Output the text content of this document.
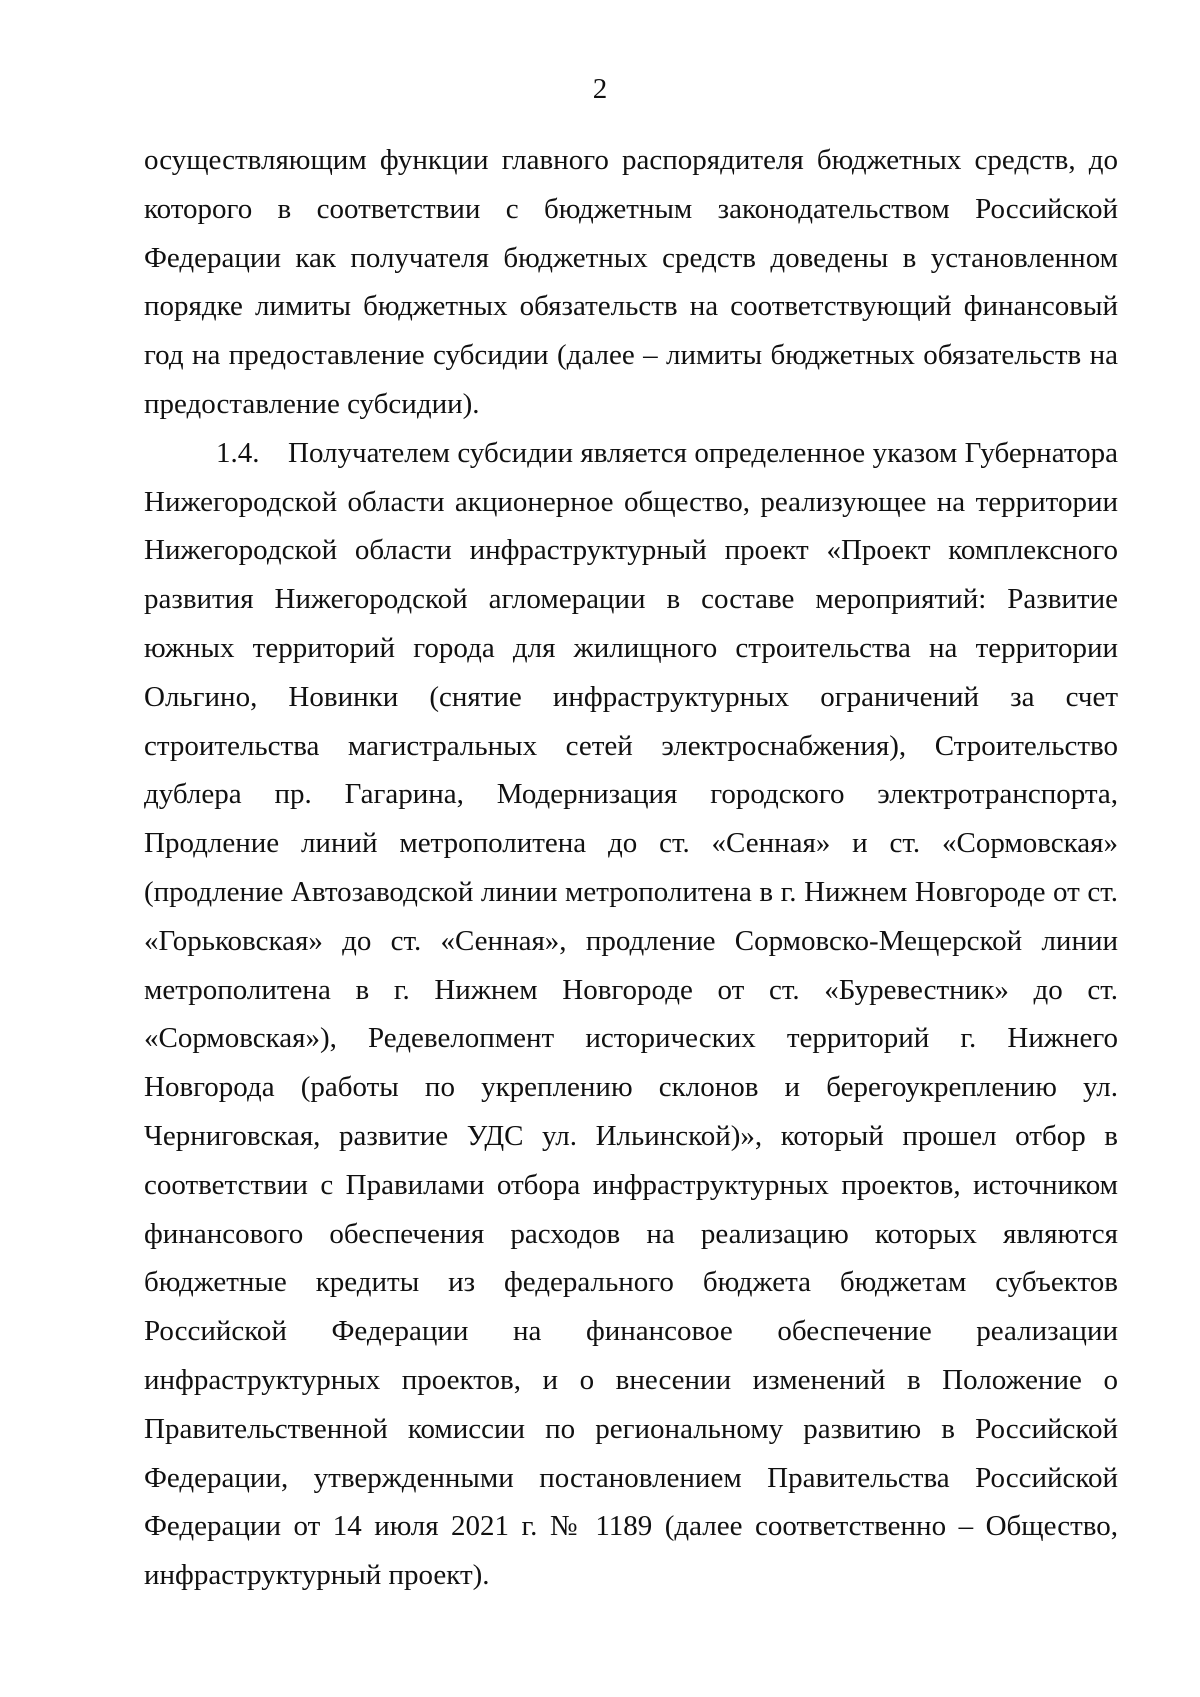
2

осуществляющим функции главного распорядителя бюджетных средств, до которого в соответствии с бюджетным законодательством Российской Федерации как получателя бюджетных средств доведены в установленном порядке лимиты бюджетных обязательств на соответствующий финансовый год на предоставление субсидии (далее – лимиты бюджетных обязательств на предоставление субсидии).

1.4. Получателем субсидии является определенное указом Губернатора Нижегородской области акционерное общество, реализующее на территории Нижегородской области инфраструктурный проект «Проект комплексного развития Нижегородской агломерации в составе мероприятий: Развитие южных территорий города для жилищного строительства на территории Ольгино, Новинки (снятие инфраструктурных ограничений за счет строительства магистральных сетей электроснабжения), Строительство дублера пр. Гагарина, Модернизация городского электротранспорта, Продление линий метрополитена до ст. «Сенная» и ст. «Сормовская» (продление Автозаводской линии метрополитена в г. Нижнем Новгороде от ст. «Горьковская» до ст. «Сенная», продление Сормовско-Мещерской линии метрополитена в г. Нижнем Новгороде от ст. «Буревестник» до ст. «Сормовская»), Редевелопмент исторических территорий г. Нижнего Новгорода (работы по укреплению склонов и берегоукреплению ул. Черниговская, развитие УДС ул. Ильинской)», который прошел отбор в соответствии с Правилами отбора инфраструктурных проектов, источником финансового обеспечения расходов на реализацию которых являются бюджетные кредиты из федерального бюджета бюджетам субъектов Российской Федерации на финансовое обеспечение реализации инфраструктурных проектов, и о внесении изменений в Положение о Правительственной комиссии по региональному развитию в Российской Федерации, утвержденными постановлением Правительства Российской Федерации от 14 июля 2021 г. № 1189 (далее соответственно – Общество, инфраструктурный проект).
